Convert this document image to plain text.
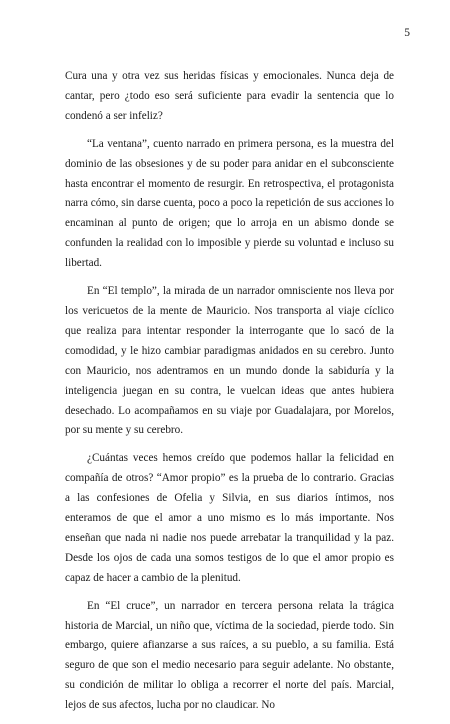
5

Cura una y otra vez sus heridas físicas y emocionales. Nunca deja de cantar, pero ¿todo eso será suficiente para evadir la sentencia que lo condenó a ser infeliz?

“La ventana”, cuento narrado en primera persona, es la muestra del dominio de las obsesiones y de su poder para anidar en el subconsciente hasta encontrar el momento de resurgir. En retrospectiva, el protagonista narra cómo, sin darse cuenta, poco a poco la repetición de sus acciones lo encaminan al punto de origen; que lo arroja en un abismo donde se confunden la realidad con lo imposible y pierde su voluntad e incluso su libertad.

En “El templo”, la mirada de un narrador omnisciente nos lleva por los vericuetos de la mente de Mauricio. Nos transporta al viaje cíclico que realiza para intentar responder la interrogante que lo sacó de la comodidad, y le hizo cambiar paradigmas anidados en su cerebro. Junto con Mauricio, nos adentramos en un mundo donde la sabiduría y la inteligencia juegan en su contra, le vuelcan ideas que antes hubiera desechado. Lo acompañamos en su viaje por Guadalajara, por Morelos, por su mente y su cerebro.

¿Cuántas veces hemos creído que podemos hallar la felicidad en compañía de otros? “Amor propio” es la prueba de lo contrario. Gracias a las confesiones de Ofelia y Silvia, en sus diarios íntimos, nos enteramos de que el amor a uno mismo es lo más importante. Nos enseñan que nada ni nadie nos puede arrebatar la tranquilidad y la paz. Desde los ojos de cada una somos testigos de lo que el amor propio es capaz de hacer a cambio de la plenitud.

En “El cruce”, un narrador en tercera persona relata la trágica historia de Marcial, un niño que, víctima de la sociedad, pierde todo. Sin embargo, quiere afianzarse a sus raíces, a su pueblo, a su familia. Está seguro de que son el medio necesario para seguir adelante. No obstante, su condición de militar lo obliga a recorrer el norte del país. Marcial, lejos de sus afectos, lucha por no claudicar. No
